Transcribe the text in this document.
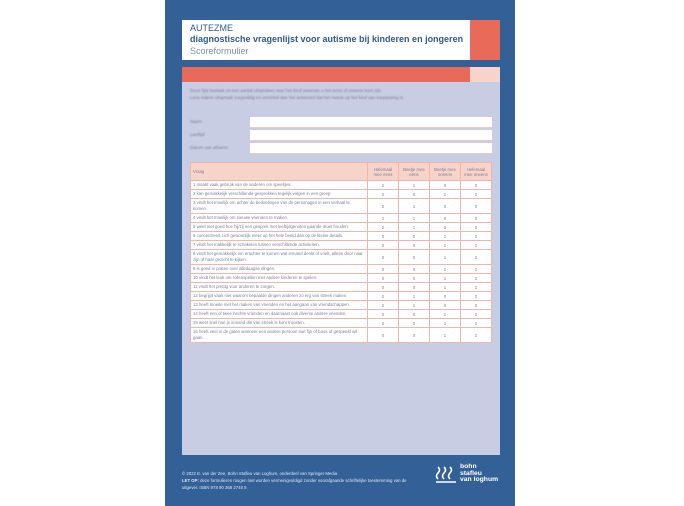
AUTEZME
diagnostische vragenlijst voor autisme bij kinderen en jongeren
Scoreformulier
Deze lijst bestaat uit een aantal uitspraken over het kind waarvan u het eens of oneens kunt zijn.
Lees iedere uitspraak zorgvuldig en omcirkel dan het antwoord dat het meest op het kind van toepassing is.
Naam
Leeftijd
Datum van afname
Vraag	Helemaal mee eens	Beetje mee eens	Beetje mee oneens	Helemaal mee oneens
1 maakt vaak gebruik van de anderen om speeltjes.	2	1	0	0
2 kan gemakkelijk verschillende gesprekken tegelijk volgen in een groep.	0	0	1	2
3 vindt het moeilijk om achter de bedoelingen van de personages in een verhaal te komen.	2	1	0	0
4 vindt het moeilijk om nieuwe vrienden te maken.	2	1	0	0
5 weet niet goed hoe hij/zij een gesprek met leeftijdgenoten gaande moet houden.	2	1	0	0
6 concentreert zich gewoonlijk meer op het hele beeld dan op de kleine details.	0	0	1	2
7 vindt het makkelijk te schakelen tussen verschillende activiteiten.	0	0	1	2
8 vindt het gemakkelijk om erachter te komen wat iemand denkt of voelt, alleen door naar zijn of haar gezicht te kijken.	0	0	1	2
9 is goed in praten over alledaagse dingen.	0	0	1	2
10 vindt het leuk om rollenspellen met andere kinderen te spelen.	0	0	1	2
11 vindt het prettig voor anderen te zorgen.	0	0	1	2
12 begrijpt vaak niet waarom bepaalde dingen anderen zo erg van streek maken.	2	1	0	0
13 heeft moeite met het maken van vrienden en het aangaan van vriendschappen.	2	1	0	0
14 heeft een of twee hechte vrienden en daarnaast ook diverse andere vrienden.	0	0	1	2
15 weet snel hoe je iemand die van streek is kunt troosten.	0	0	1	2
16 heeft veel in de gaten wanneer een andere persoon niet fijn of boos of gespeeld wil gaan.	0	0	1	2
© 2022 E. van der Zee, Bohn Stafleu van Loghum, onderdeel van Springer Media
LET OP: deze formulieren mogen niet worden vermenigvuldigd zonder voorafgaande schriftelijke toestemming van de uitgever. ISBN 978 90 368 2748 5
bohn
stafleu
van loghum
